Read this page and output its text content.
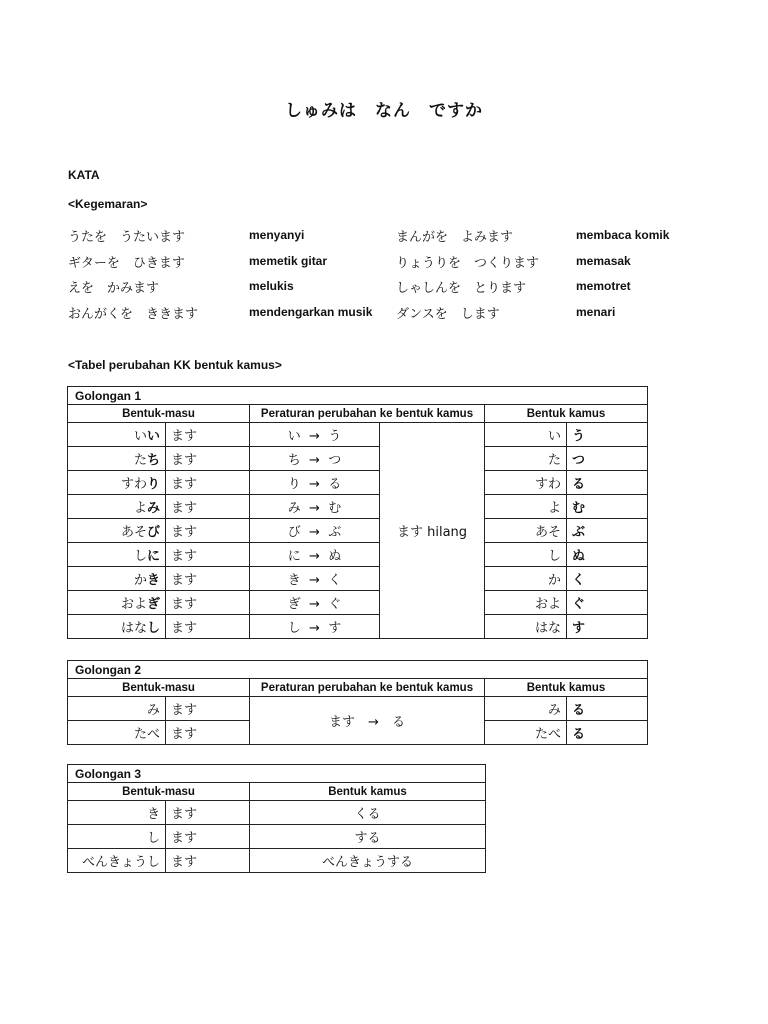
しゅみは　なん　ですか
KATA
<Kegemaran>
うたを　うたいます	menyanyi	まんがを　よみます	membaca komik
ギターを　ひきます	memetik gitar	りょうりを　つくります	memasak
えを　かみます	melukis	しゃしんを　とります	memotret
おんがくを　ききます	mendengarkan musik ダンスを　します	menari
<Tabel perubahan KK bentuk kamus>
Golongan 1					
Bentuk-masu		Peraturan perubahan ke bentuk kamus		Bentuk kamus	
いい	ます	い → う	ます hilang	い	う
たち	ます	ち → つ		た	つ
すわり	ます	り → る		すわ	る
よみ	ます	み → む		よ	む
あそび	ます	び → ぶ		あそ	ぶ
しに	ます	に → ぬ		し	ぬ
かき	ます	き → く		か	く
およぎ	ます	ぎ → ぐ		およ	ぐ
はなし	ます	し → す		はな	す
Golongan 2				
Bentuk-masu		Peraturan perubahan ke bentuk kamus	Bentuk kamus	
み	ます	ます　→　る	み	る
たべ	ます		たべ	る
Golongan 3		
Bentuk-masu		Bentuk kamus
き	ます	くる
し	ます	する
べんきょうし	ます	べんきょうする
